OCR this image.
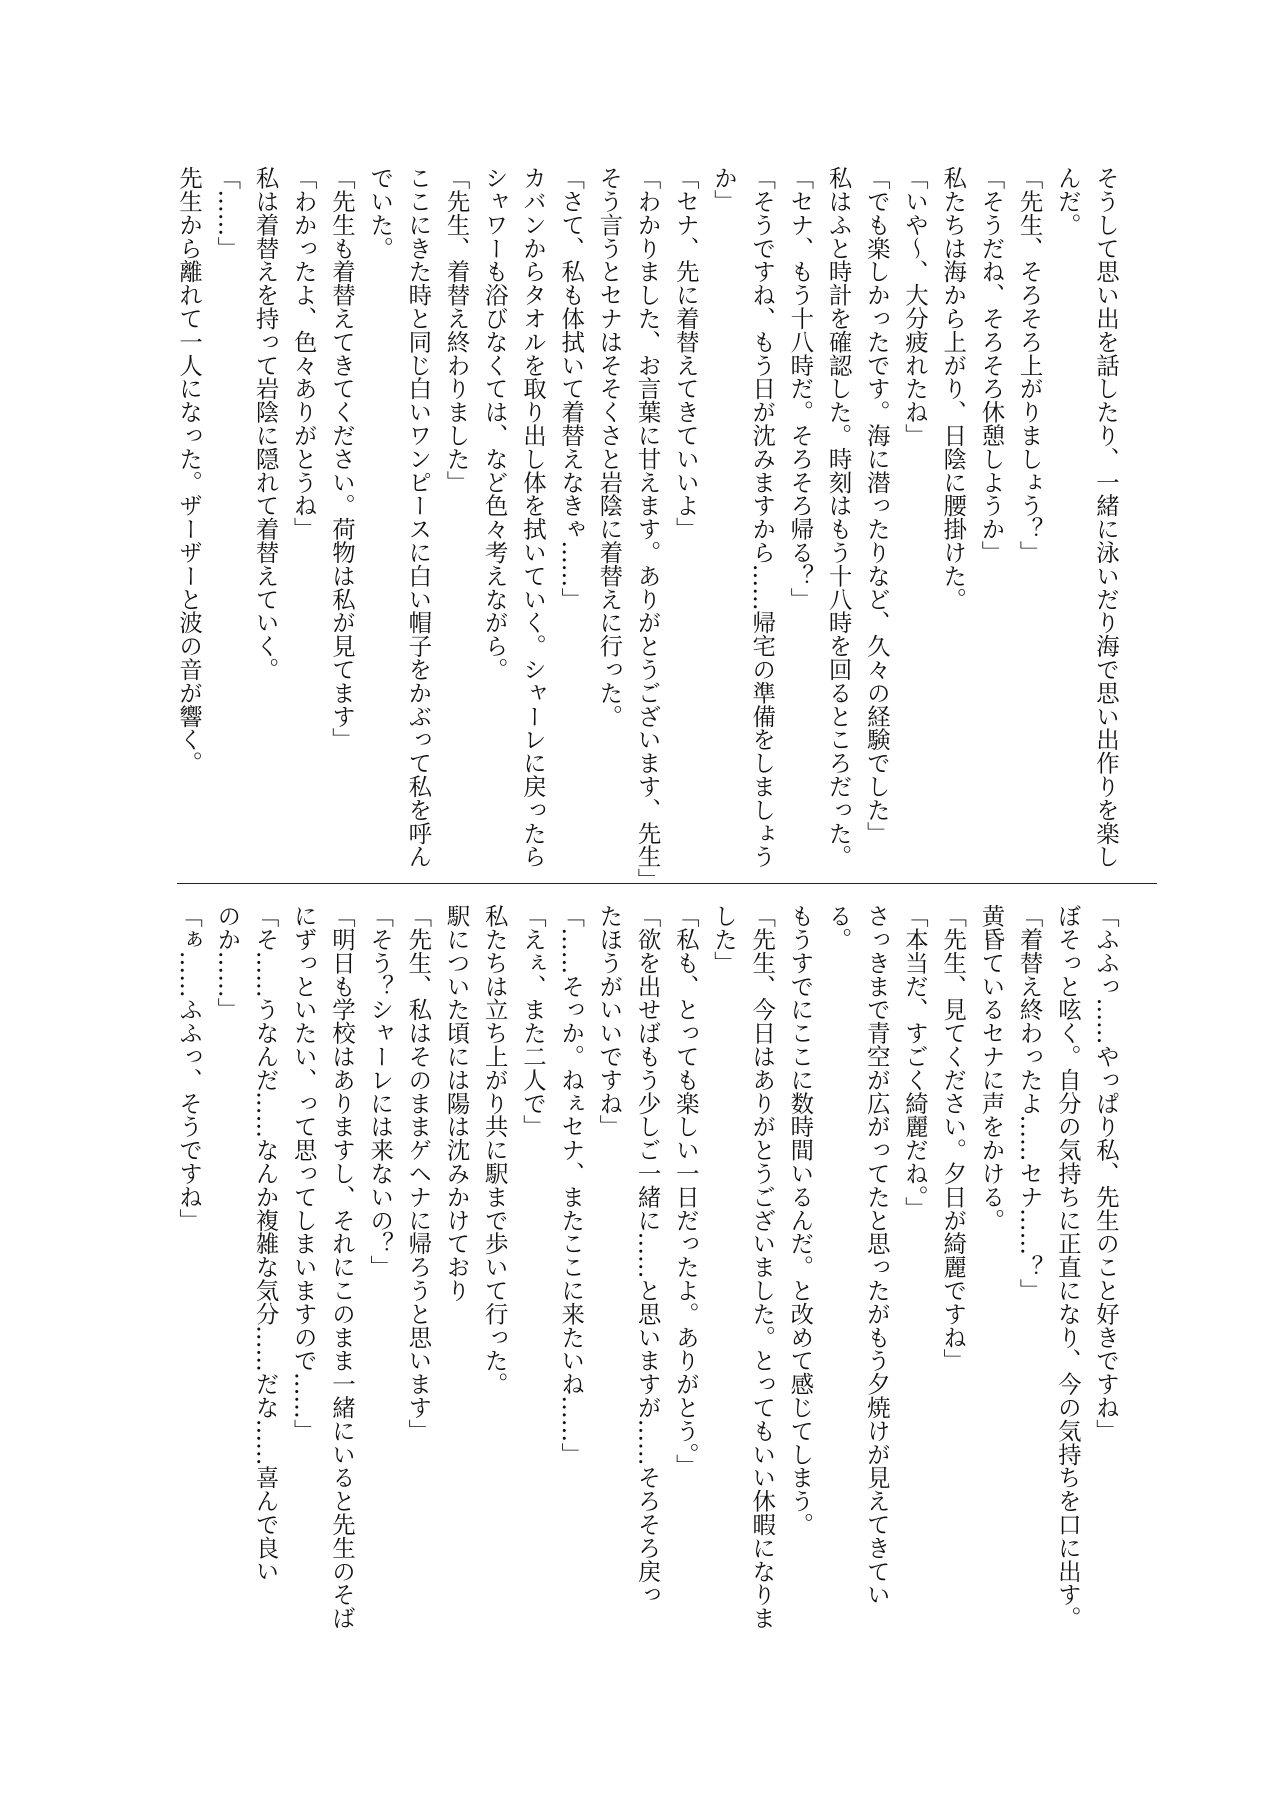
そうして思い出を話したり、一緒に泳いだり海で思い出作りを楽し

んだ。

「先生、そろそろ上がりましょう？」

「そうだね、そろそろ休憩しようか」

私たちは海から上がり、日陰に腰掛けた。

「いや～、大分疲れたね」

「でも楽しかったです。海に潜ったりなど、久々の経験でした」

私はふと時計を確認した。時刻はもう十八時を回るところだった。

「セナ、もう十八時だ。そろそろ帰る？」

「そうですね、もう日が沈みますから……帰宅の準備をしましょう

か」

「セナ、先に着替えてきていいよ」

「わかりました、お言葉に甘えます。ありがとうございます、先生」

そう言うとセナはそそくさと岩陰に着替えに行った。

「さて、私も体拭いて着替えなきゃ……」

カバンからタオルを取り出し体を拭いていく。シャーレに戻ったら

シャワーも浴びなくては、など色々考えながら。

「先生、着替え終わりました」

ここにきた時と同じ白いワンピースに白い帽子をかぶって私を呼ん

でいた。

「先生も着替えてきてください。荷物は私が見てます」

「わかったよ、色々ありがとうね」

私は着替えを持って岩陰に隠れて着替えていく。

「……」

先生から離れて一人になった。ザーザーと波の音が響く。

「ふふっ……やっぱり私、先生のこと好きですね」

ぼそっと呟く。自分の気持ちに正直になり、今の気持ちを口に出す。

「着替え終わったよ……セナ……？」

黄昏ているセナに声をかける。

「先生、見てください。夕日が綺麗ですね」

「本当だ、すごく綺麗だね。」

さっきまで青空が広がってたと思ったがもう夕焼けが見えてきてい

る。

もうすでにここに数時間いるんだ。と改めて感じてしまう。

「先生、今日はありがとうございました。とってもいい休暇になりま

した」

「私も、とっても楽しい一日だったよ。ありがとう。」

「欲を出せばもう少しご一緒に……と思いますが……そろそろ戻っ

たほうがいいですね」

「……そっか。ねぇセナ、またここに来たいね……」

「えぇ、また二人で」

私たちは立ち上がり共に駅まで歩いて行った。

駅についた頃には陽は沈みかけており

「先生、私はそのままゲヘナに帰ろうと思います」

「そう？シャーレには来ないの？」

「明日も学校はありますし、それにこのまま一緒にいると先生のそば

にずっといたい、って思ってしまいますので……」

「そ……うなんだ……なんか複雑な気分……だな……喜んで良い

のか……」

「ぁ……ふふっ、そうですね」
